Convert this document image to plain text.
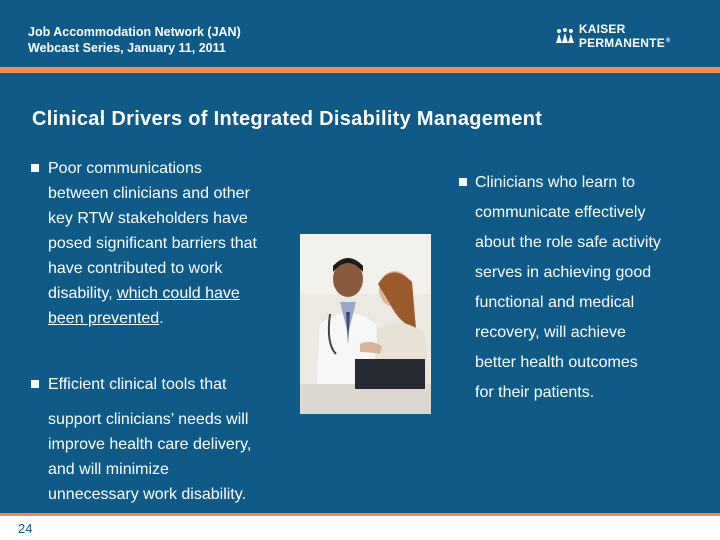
Job Accommodation Network (JAN)
Webcast Series, January 11, 2011
KAISER PERMANENTE®
Clinical Drivers of Integrated Disability Management
Poor communications
between clinicians and other
key RTW stakeholders have
posed significant barriers that
have contributed to work
disability, which could have
been prevented.
Efficient clinical tools that
support clinicians’ needs will
improve health care delivery,
and will minimize
unnecessary work disability.
Clinicians who learn to
communicate effectively
about the role safe activity
serves in achieving good
functional and medical
recovery, will achieve
better health outcomes
for their patients.
24
